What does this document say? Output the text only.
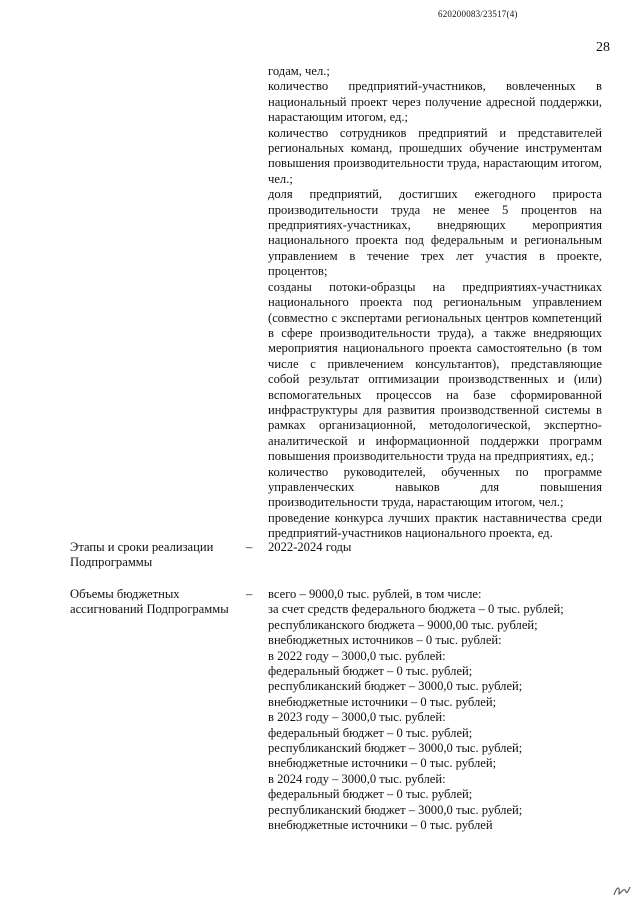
620200083/23517(4)
28

годам, чел.;

количество предприятий-участников, вовлеченных в национальный проект через получение адресной поддержки, нарастающим итогом, ед.;

количество сотрудников предприятий и представителей региональных команд, прошедших обучение инструментам повышения производительности труда, нарастающим итогом, чел.;

доля предприятий, достигших ежегодного прироста производительности труда не менее 5 процентов на предприятиях-участниках, внедряющих мероприятия национального проекта под федеральным и региональным управлением в течение трех лет участия в проекте, процентов;

созданы потоки-образцы на предприятиях-участниках национального проекта под региональным управлением (совместно с экспертами региональных центров компетенций в сфере производительности труда), а также внедряющих мероприятия национального проекта самостоятельно (в том числе с привлечением консультантов), представляющие собой результат оптимизации производственных и (или) вспомогательных процессов на базе сформированной инфраструктуры для развития производственной системы в рамках организационной, методологической, экспертно-аналитической и информационной поддержки программ повышения производительности труда на предприятиях, ед.;

количество руководителей, обученных по программе управленческих навыков для повышения производительности труда, нарастающим итогом, чел.;

проведение конкурса лучших практик наставничества среди предприятий-участников национального проекта, ед.

Этапы и сроки реализации Подпрограммы
– 2022-2024 годы
Объемы бюджетных ассигнований Подпрограммы
– всего – 9000,0 тыс. рублей, в том числе:

за счет средств федерального бюджета – 0 тыс. рублей;

республиканского бюджета – 9000,00 тыс. рублей;

внебюджетных источников – 0 тыс. рублей:

в 2022 году – 3000,0 тыс. рублей:

федеральный бюджет – 0 тыс. рублей;

республиканский бюджет – 3000,0 тыс. рублей;

внебюджетные источники – 0 тыс. рублей;

в 2023 году – 3000,0 тыс. рублей:

федеральный бюджет – 0 тыс. рублей;

республиканский бюджет – 3000,0 тыс. рублей;

внебюджетные источники – 0 тыс. рублей;

в 2024 году – 3000,0 тыс. рублей:

федеральный бюджет – 0 тыс. рублей;

республиканский бюджет – 3000,0 тыс. рублей;

внебюджетные источники – 0 тыс. рублей
